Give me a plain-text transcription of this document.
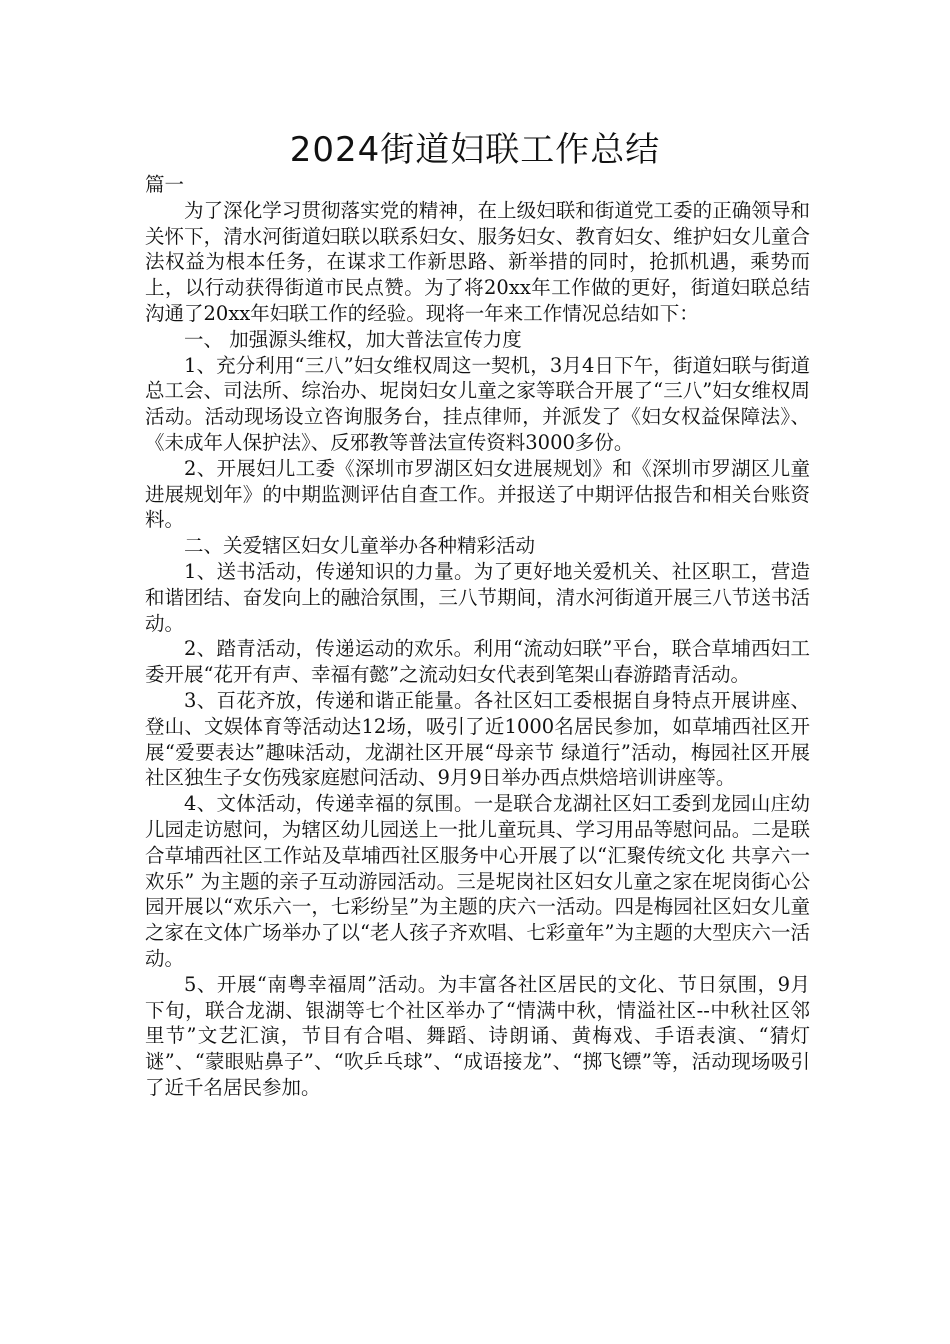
2024街道妇联工作总结

篇一

为了深化学习贯彻落实党的精神，在上级妇联和街道党工委的正确领导和关怀下，清水河街道妇联以联系妇女、服务妇女、教育妇女、维护妇女儿童合法权益为根本任务，在谋求工作新思路、新举措的同时，抢抓机遇，乘势而上，以行动获得街道市民点赞。为了将20xx年工作做的更好，街道妇联总结沟通了20xx年妇联工作的经验。现将一年来工作情况总结如下：

一、 加强源头维权，加大普法宣传力度

1、充分利用“三八”妇女维权周这一契机，3月4日下午，街道妇联与街道总工会、司法所、综治办、坭岗妇女儿童之家等联合开展了“三八”妇女维权周活动。活动现场设立咨询服务台，挂点律师，并派发了《妇女权益保障法》、《未成年人保护法》、反邪教等普法宣传资料3000多份。

2、开展妇儿工委《深圳市罗湖区妇女进展规划》和《深圳市罗湖区儿童进展规划年》的中期监测评估自查工作。并报送了中期评估报告和相关台账资料。

二、关爱辖区妇女儿童举办各种精彩活动

1、送书活动，传递知识的力量。为了更好地关爱机关、社区职工，营造和谐团结、奋发向上的融洽氛围，三八节期间，清水河街道开展三八节送书活动。

2、踏青活动，传递运动的欢乐。利用“流动妇联”平台，联合草埔西妇工委开展“花开有声、幸福有懿”之流动妇女代表到笔架山春游踏青活动。

3、百花齐放，传递和谐正能量。各社区妇工委根据自身特点开展讲座、登山、文娱体育等活动达12场，吸引了近1000名居民参加，如草埔西社区开展“爱要表达”趣味活动，龙湖社区开展“母亲节 绿道行”活动，梅园社区开展社区独生子女伤残家庭慰问活动、9月9日举办西点烘焙培训讲座等。

4、文体活动，传递幸福的氛围。一是联合龙湖社区妇工委到龙园山庄幼儿园走访慰问，为辖区幼儿园送上一批儿童玩具、学习用品等慰问品。二是联合草埔西社区工作站及草埔西社区服务中心开展了以“汇聚传统文化 共享六一欢乐” 为主题的亲子互动游园活动。三是坭岗社区妇女儿童之家在坭岗街心公园开展以“欢乐六一，七彩纷呈”为主题的庆六一活动。四是梅园社区妇女儿童之家在文体广场举办了以“老人孩子齐欢唱、七彩童年”为主题的大型庆六一活动。

5、开展“南粤幸福周”活动。为丰富各社区居民的文化、节日氛围，9月下旬，联合龙湖、银湖等七个社区举办了“情满中秋，情溢社区--中秋社区邻里节”文艺汇演，节目有合唱、舞蹈、诗朗诵、黄梅戏、手语表演、“猜灯谜”、“蒙眼贴鼻子”、“吹乒乓球”、“成语接龙”、“掷飞镖”等，活动现场吸引了近千名居民参加。
